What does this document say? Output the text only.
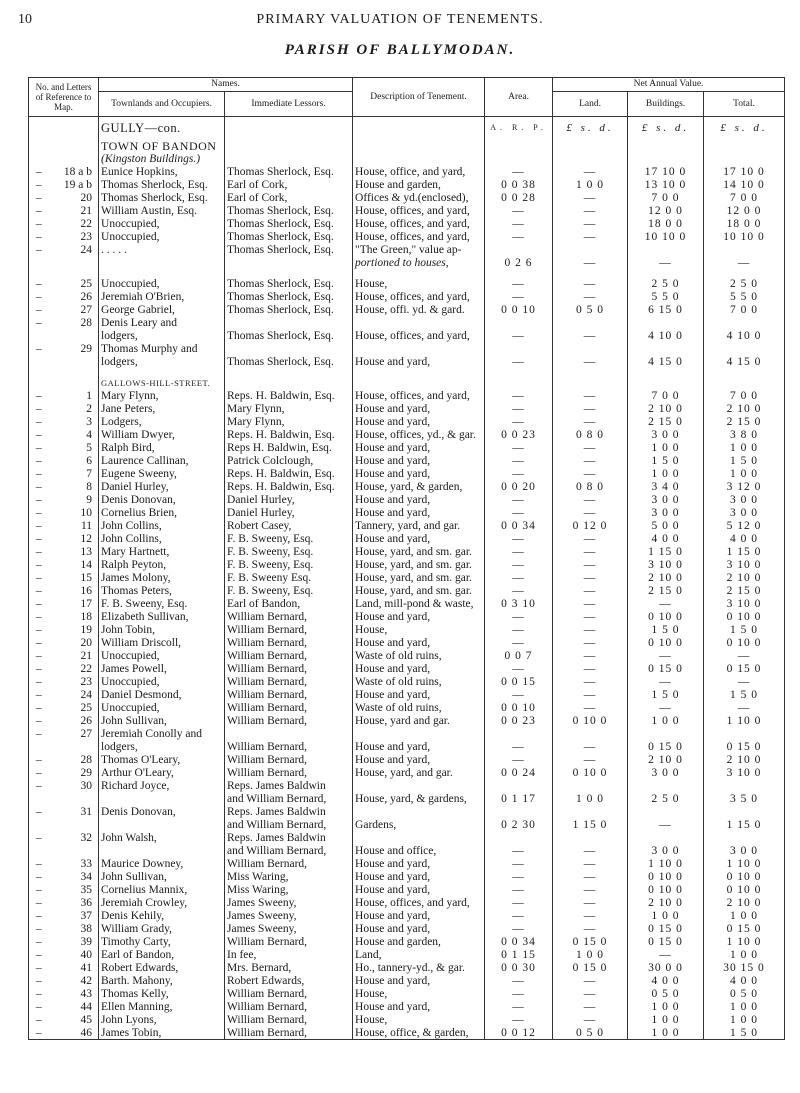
10	PRIMARY VALUATION OF TENEMENTS.
PARISH OF BALLYMODAN.
No. and Letters of Reference to Map.		Names.		Description of Tenement.	Area.	Net Annual Value.		
		Townlands and Occupiers.	Immediate Lessors.			Land.	Buildings.	Total.
		GULLY—con.			A. R. P.	£ s. d.	£ s. d.	£ s. d.
		TOWN OF BANDON						
		(Kingston Buildings.)						
–	18 a b	Eunice Hopkins,	Thomas Sherlock, Esq.	House, office, and yard,	—	—	17 10 0	17 10 0
–	19 a b	Thomas Sherlock, Esq.	Earl of Cork,	House and garden,	0 0 38	1 0 0	13 10 0	14 10 0
–	20	Thomas Sherlock, Esq.	Earl of Cork,	Offices & yd.(enclosed),	0 0 28	—	7 0 0	7 0 0
–	21	William Austin, Esq.	Thomas Sherlock, Esq.	House, offices, and yard,	—	—	12 0 0	12 0 0
–	22	Unoccupied,	Thomas Sherlock, Esq.	House, offices, and yard,	—	—	18 0 0	18 0 0
–	23	Unoccupied,	Thomas Sherlock, Esq.	House, offices, and yard,	—	—	10 10 0	10 10 0
–	24	. . . . .	Thomas Sherlock, Esq.	"The Green," value ap-				
				portioned to houses,	0 2 6	—	—	—

–	25	Unoccupied,	Thomas Sherlock, Esq.	House,	—	—	2 5 0	2 5 0
–	26	Jeremiah O'Brien,	Thomas Sherlock, Esq.	House, offices, and yard,	—	—	5 5 0	5 5 0
–	27	George Gabriel,	Thomas Sherlock, Esq.	House, offi. yd. & gard.	0 0 10	0 5 0	6 15 0	7 0 0
–	28	Denis Leary and						
		lodgers,	Thomas Sherlock, Esq.	House, offices, and yard,	—	—	4 10 0	4 10 0
–	29	Thomas Murphy and						
		lodgers,	Thomas Sherlock, Esq.	House and yard,	—	—	4 15 0	4 15 0

		GALLOWS-HILL-STREET.						
–	1	Mary Flynn,	Reps. H. Baldwin, Esq.	House, offices, and yard,	—	—	7 0 0	7 0 0
–	2	Jane Peters,	Mary Flynn,	House and yard,	—	—	2 10 0	2 10 0
–	3	Lodgers,	Mary Flynn,	House and yard,	—	—	2 15 0	2 15 0
–	4	William Dwyer,	Reps. H. Baldwin, Esq.	House, offices, yd., & gar.	0 0 23	0 8 0	3 0 0	3 8 0
–	5	Ralph Bird,	Reps H. Baldwin, Esq.	House and yard,	—	—	1 0 0	1 0 0
–	6	Laurence Callinan,	Patrick Colclough,	House and yard,	—	—	1 5 0	1 5 0
–	7	Eugene Sweeny,	Reps. H. Baldwin, Esq.	House and yard,	—	—	1 0 0	1 0 0
–	8	Daniel Hurley,	Reps. H. Baldwin, Esq.	House, yard, & garden,	0 0 20	0 8 0	3 4 0	3 12 0
–	9	Denis Donovan,	Daniel Hurley,	House and yard,	—	—	3 0 0	3 0 0
–	10	Cornelius Brien,	Daniel Hurley,	House and yard,	—	—	3 0 0	3 0 0
–	11	John Collins,	Robert Casey,	Tannery, yard, and gar.	0 0 34	0 12 0	5 0 0	5 12 0
–	12	John Collins,	F. B. Sweeny, Esq.	House and yard,	—	—	4 0 0	4 0 0
–	13	Mary Hartnett,	F. B. Sweeny, Esq.	House, yard, and sm. gar.	—	—	1 15 0	1 15 0
–	14	Ralph Peyton,	F. B. Sweeny, Esq.	House, yard, and sm. gar.	—	—	3 10 0	3 10 0
–	15	James Molony,	F. B. Sweeny Esq.	House, yard, and sm. gar.	—	—	2 10 0	2 10 0
–	16	Thomas Peters,	F. B. Sweeny, Esq.	House, yard, and sm. gar.	—	—	2 15 0	2 15 0
–	17	F. B. Sweeny, Esq.	Earl of Bandon,	Land, mill-pond & waste,	0 3 10	—	—	3 10 0
–	18	Elizabeth Sullivan,	William Bernard,	House and yard,	—	—	0 10 0	0 10 0
–	19	John Tobin,	William Bernard,	House,	—	—	1 5 0	1 5 0
–	20	William Driscoll,	William Bernard,	House and yard,	—	—	0 10 0	0 10 0
–	21	Unoccupied,	William Bernard,	Waste of old ruins,	0 0 7	—	—	—
–	22	James Powell,	William Bernard,	House and yard,	—	—	0 15 0	0 15 0
–	23	Unoccupied,	William Bernard,	Waste of old ruins,	0 0 15	—	—	—
–	24	Daniel Desmond,	William Bernard,	House and yard,	—	—	1 5 0	1 5 0
–	25	Unoccupied,	William Bernard,	Waste of old ruins,	0 0 10	—	—	—
–	26	John Sullivan,	William Bernard,	House, yard and gar.	0 0 23	0 10 0	1 0 0	1 10 0
–	27	Jeremiah Conolly and						
		lodgers,	William Bernard,	House and yard,	—	—	0 15 0	0 15 0
–	28	Thomas O'Leary,	William Bernard,	House and yard,	—	—	2 10 0	2 10 0
–	29	Arthur O'Leary,	William Bernard,	House, yard, and gar.	0 0 24	0 10 0	3 0 0	3 10 0
–	30	Richard Joyce,	Reps. James Baldwin					
			and William Bernard,	House, yard, & gardens,	0 1 17	1 0 0	2 5 0	3 5 0
–	31	Denis Donovan,	Reps. James Baldwin					
			and William Bernard,	Gardens,	0 2 30	1 15 0	—	1 15 0
–	32	John Walsh,	Reps. James Baldwin					
			and William Bernard,	House and office,	—	—	3 0 0	3 0 0
–	33	Maurice Downey,	William Bernard,	House and yard,	—	—	1 10 0	1 10 0
–	34	John Sullivan,	Miss Waring,	House and yard,	—	—	0 10 0	0 10 0
–	35	Cornelius Mannix,	Miss Waring,	House and yard,	—	—	0 10 0	0 10 0
–	36	Jeremiah Crowley,	James Sweeny,	House, offices, and yard,	—	—	2 10 0	2 10 0
–	37	Denis Kehily,	James Sweeny,	House and yard,	—	—	1 0 0	1 0 0
–	38	William Grady,	James Sweeny,	House and yard,	—	—	0 15 0	0 15 0
–	39	Timothy Carty,	William Bernard,	House and garden,	0 0 34	0 15 0	0 15 0	1 10 0
–	40	Earl of Bandon,	In fee,	Land,	0 1 15	1 0 0	—	1 0 0
–	41	Robert Edwards,	Mrs. Bernard,	Ho., tannery-yd., & gar.	0 0 30	0 15 0	30 0 0	30 15 0
–	42	Barth. Mahony,	Robert Edwards,	House and yard,	—	—	4 0 0	4 0 0
–	43	Thomas Kelly,	William Bernard,	House,	—	—	0 5 0	0 5 0
–	44	Ellen Manning,	William Bernard,	House and yard,	—	—	1 0 0	1 0 0
–	45	John Lyons,	William Bernard,	House,	—	—	1 0 0	1 0 0
–	46	James Tobin,	William Bernard,	House, office, & garden,	0 0 12	0 5 0	1 0 0	1 5 0
